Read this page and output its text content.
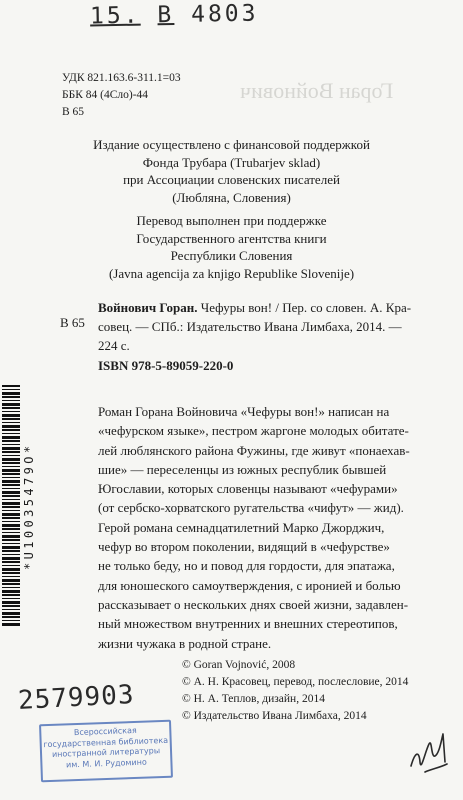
15. В 4803
Горан Войнович
УДК 821.163.6-311.1=03
ББК 84 (4Сло)-44
В 65
Издание осуществлено с финансовой поддержкой
Фонда Трубара (Trubarjev sklad)
при Ассоциации словенских писателей
(Любляна, Словения)
Перевод выполнен при поддержке
Государственного агентства книги
Республики Словения
(Javna agencija za knjigo Republike Slovenije)
В 65
Войнович Горан. Чефуры вон! / Пер. со словен. А. Кра-
совец. — СПб.: Издательство Ивана Лимбаха, 2014. —
224 с.
ISBN 978-5-89059-220-0
*U10035479O*
Роман Горана Войновича «Чефуры вон!» написан на
«чефурском языке», пестром жаргоне молодых обитате-
лей люблянского района Фужины, где живут «понаехав-
шие» — переселенцы из южных республик бывшей
Югославии, которых словенцы называют «чефурами»
(от сербско-хорватского ругательства «чифут» — жид).
Герой романа семнадцатилетний Марко Джорджич,
чефур во втором поколении, видящий в «чефурстве»
не только беду, но и повод для гордости, для эпатажа,
для юношеского самоутверждения, с иронией и болью
рассказывает о нескольких днях своей жизни, задавлен-
ный множеством внутренних и внешних стереотипов,
жизни чужака в родной стране.
© Goran Vojnović, 2008
© А. Н. Красовец, перевод, послесловие, 2014
© Н. А. Теплов, дизайн, 2014
© Издательство Ивана Лимбаха, 2014
2579903
Всероссийская
государственная библиотека
иностранной литературы
им. М. И. Рудомино
